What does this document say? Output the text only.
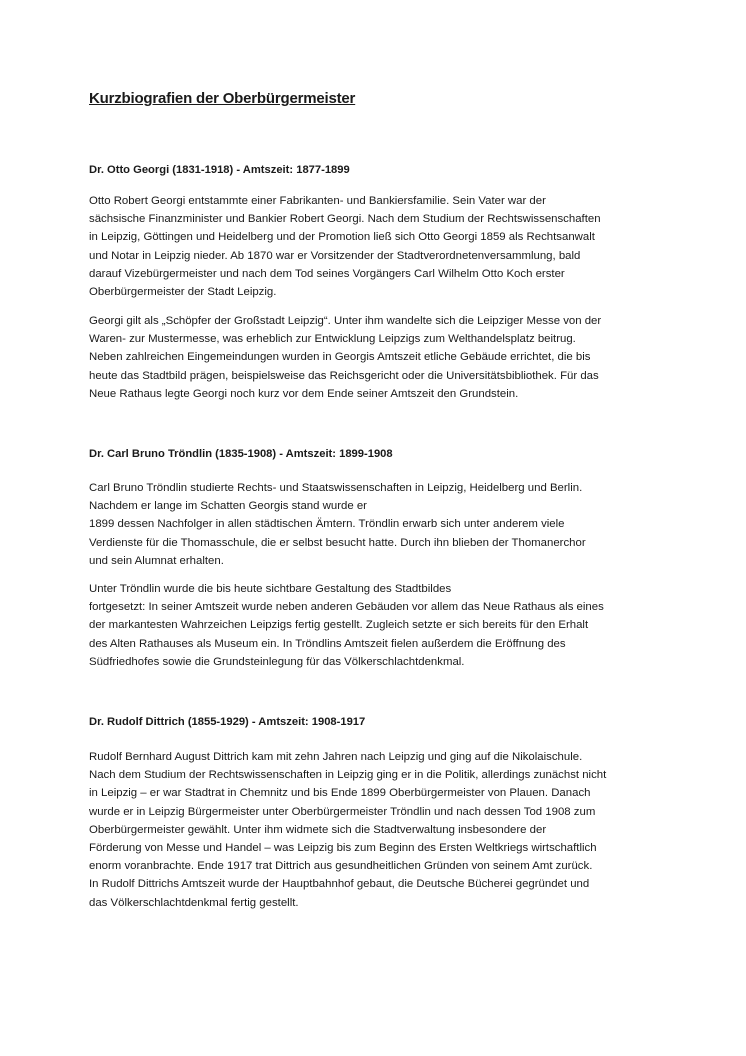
Kurzbiografien der Oberbürgermeister
Dr. Otto Georgi (1831-1918) - Amtszeit: 1877-1899
Otto Robert Georgi entstammte einer Fabrikanten- und Bankiersfamilie. Sein Vater war der
sächsische Finanzminister und Bankier Robert Georgi. Nach dem Studium der Rechtswissenschaften
in Leipzig, Göttingen und Heidelberg und der Promotion ließ sich Otto Georgi 1859 als Rechtsanwalt
und Notar in Leipzig nieder. Ab 1870 war er Vorsitzender der Stadtverordnetenversammlung, bald
darauf Vizebürgermeister und nach dem Tod seines Vorgängers Carl Wilhelm Otto Koch erster
Oberbürgermeister der Stadt Leipzig.
Georgi gilt als „Schöpfer der Großstadt Leipzig“. Unter ihm wandelte sich die Leipziger Messe von der
Waren- zur Mustermesse, was erheblich zur Entwicklung Leipzigs zum Welthandelsplatz beitrug.
Neben zahlreichen Eingemeindungen wurden in Georgis Amtszeit etliche Gebäude errichtet, die bis
heute das Stadtbild prägen, beispielsweise das Reichsgericht oder die Universitätsbibliothek. Für das
Neue Rathaus legte Georgi noch kurz vor dem Ende seiner Amtszeit den Grundstein.
Dr. Carl Bruno Tröndlin (1835-1908) - Amtszeit: 1899-1908
Carl Bruno Tröndlin studierte Rechts- und Staatswissenschaften in Leipzig, Heidelberg und Berlin.
Nachdem er lange im Schatten Georgis stand wurde er
1899 dessen Nachfolger in allen städtischen Ämtern. Tröndlin erwarb sich unter anderem viele
Verdienste für die Thomasschule, die er selbst besucht hatte. Durch ihn blieben der Thomanerchor
und sein Alumnat erhalten.
Unter Tröndlin wurde die bis heute sichtbare Gestaltung des Stadtbildes
fortgesetzt: In seiner Amtszeit wurde neben anderen Gebäuden vor allem das Neue Rathaus als eines
der markantesten Wahrzeichen Leipzigs fertig gestellt. Zugleich setzte er sich bereits für den Erhalt
des Alten Rathauses als Museum ein. In Tröndlins Amtszeit fielen außerdem die Eröffnung des
Südfriedhofes sowie die Grundsteinlegung für das Völkerschlachtdenkmal.
Dr. Rudolf Dittrich (1855-1929) - Amtszeit: 1908-1917
Rudolf Bernhard August Dittrich kam mit zehn Jahren nach Leipzig und ging auf die Nikolaischule.
Nach dem Studium der Rechtswissenschaften in Leipzig ging er in die Politik, allerdings zunächst nicht
in Leipzig – er war Stadtrat in Chemnitz und bis Ende 1899 Oberbürgermeister von Plauen. Danach
wurde er in Leipzig Bürgermeister unter Oberbürgermeister Tröndlin und nach dessen Tod 1908 zum
Oberbürgermeister gewählt. Unter ihm widmete sich die Stadtverwaltung insbesondere der
Förderung von Messe und Handel – was Leipzig bis zum Beginn des Ersten Weltkriegs wirtschaftlich
enorm voranbrachte. Ende 1917 trat Dittrich aus gesundheitlichen Gründen von seinem Amt zurück.
In Rudolf Dittrichs Amtszeit wurde der Hauptbahnhof gebaut, die Deutsche Bücherei gegründet und
das Völkerschlachtdenkmal fertig gestellt.
